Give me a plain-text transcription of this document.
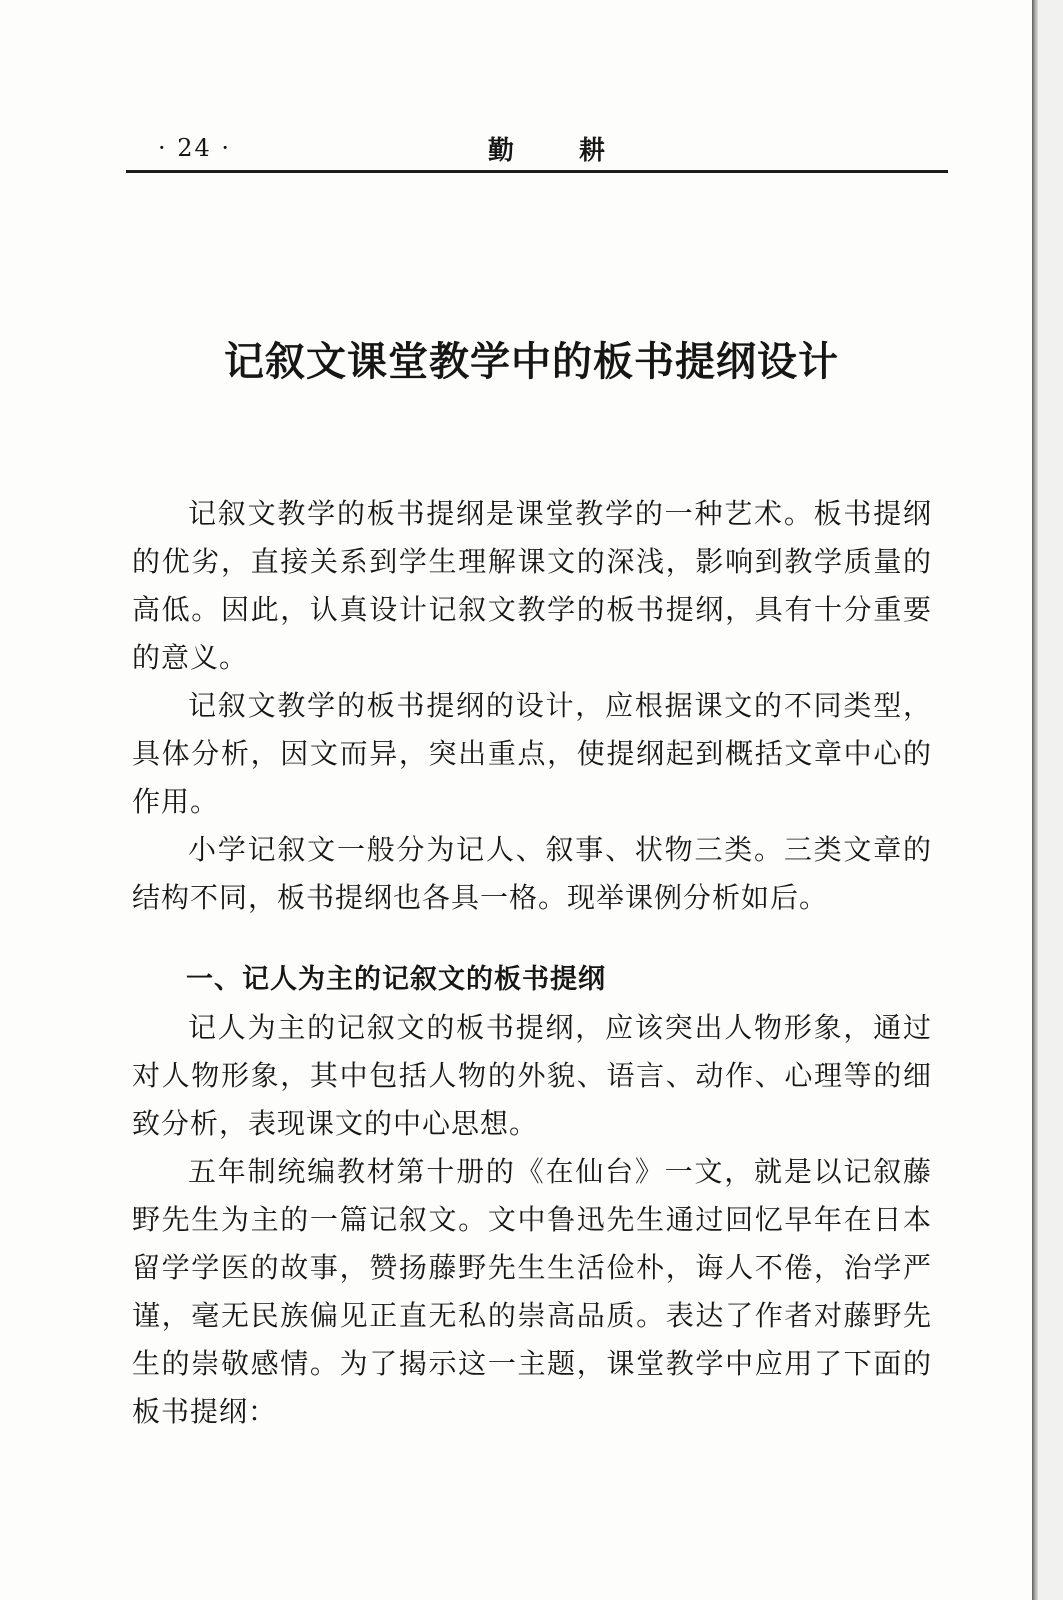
· 24 ·	勤 耕
记叙文课堂教学中的板书提纲设计

记叙文教学的板书提纲是课堂教学的一种艺术。板书提纲的优劣，直接关系到学生理解课文的深浅，影响到教学质量的高低。因此，认真设计记叙文教学的板书提纲，具有十分重要的意义。

记叙文教学的板书提纲的设计，应根据课文的不同类型，具体分析，因文而异，突出重点，使提纲起到概括文章中心的作用。

小学记叙文一般分为记人、叙事、状物三类。三类文章的结构不同，板书提纲也各具一格。现举课例分析如后。

一、记人为主的记叙文的板书提纲

记人为主的记叙文的板书提纲，应该突出人物形象，通过对人物形象，其中包括人物的外貌、语言、动作、心理等的细致分析，表现课文的中心思想。

五年制统编教材第十册的《在仙台》一文，就是以记叙藤野先生为主的一篇记叙文。文中鲁迅先生通过回忆早年在日本留学学医的故事，赞扬藤野先生生活俭朴，诲人不倦，治学严谨，毫无民族偏见正直无私的崇高品质。表达了作者对藤野先生的崇敬感情。为了揭示这一主题，课堂教学中应用了下面的板书提纲：
